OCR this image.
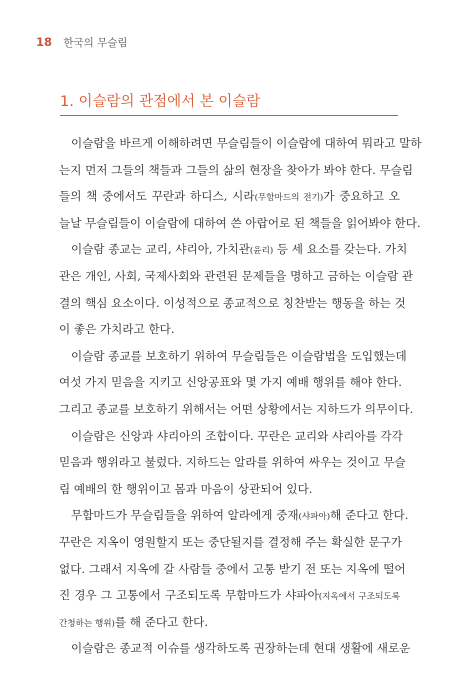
18 한국의 무슬림
1. 이슬람의 관점에서 본 이슬람
이슬람을 바르게 이해하려면 무슬림들이 이슬람에 대하여 뭐라고 말하
는지 먼저 그들의 책들과 그들의 삶의 현장을 찾아가 봐야 한다. 무슬림
들의 책 중에서도 꾸란과 하디스, 시라(무함마드의 전기)가 중요하고 오
늘날 무슬림들이 이슬람에 대하여 쓴 아랍어로 된 책들을 읽어봐야 한다.
이슬람 종교는 교리, 샤리아, 가치관(윤리) 등 세 요소를 갖는다. 가치
관은 개인, 사회, 국제사회와 관련된 문제들을 명하고 금하는 이슬람 관
결의 핵심 요소이다. 이성적으로 종교적으로 칭찬받는 행동을 하는 것
이 좋은 가치라고 한다.
이슬람 종교를 보호하기 위하여 무슬림들은 이슬람법을 도입했는데
여섯 가지 믿음을 지키고 신앙공표와 몇 가지 예배 행위를 해야 한다.
그리고 종교를 보호하기 위해서는 어떤 상황에서는 지하드가 의무이다.
이슬람은 신앙과 샤리아의 조합이다. 꾸란은 교리와 샤리아를 각각
믿음과 행위라고 불렀다. 지하드는 알라를 위하여 싸우는 것이고 무슬
림 예배의 한 행위이고 몸과 마음이 상관되어 있다.
무함마드가 무슬림들을 위하여 알라에게 중재(샤파아)해 준다고 한다.
꾸란은 지옥이 영원할지 또는 중단될지를 결정해 주는 확실한 문구가
없다. 그래서 지옥에 갈 사람들 중에서 고통 받기 전 또는 지옥에 떨어
진 경우 그 고통에서 구조되도록 무함마드가 샤파아(지옥에서 구조되도록
간청하는 행위)를 해 준다고 한다.
이슬람은 종교적 이슈를 생각하도록 권장하는데 현대 생활에 새로운
